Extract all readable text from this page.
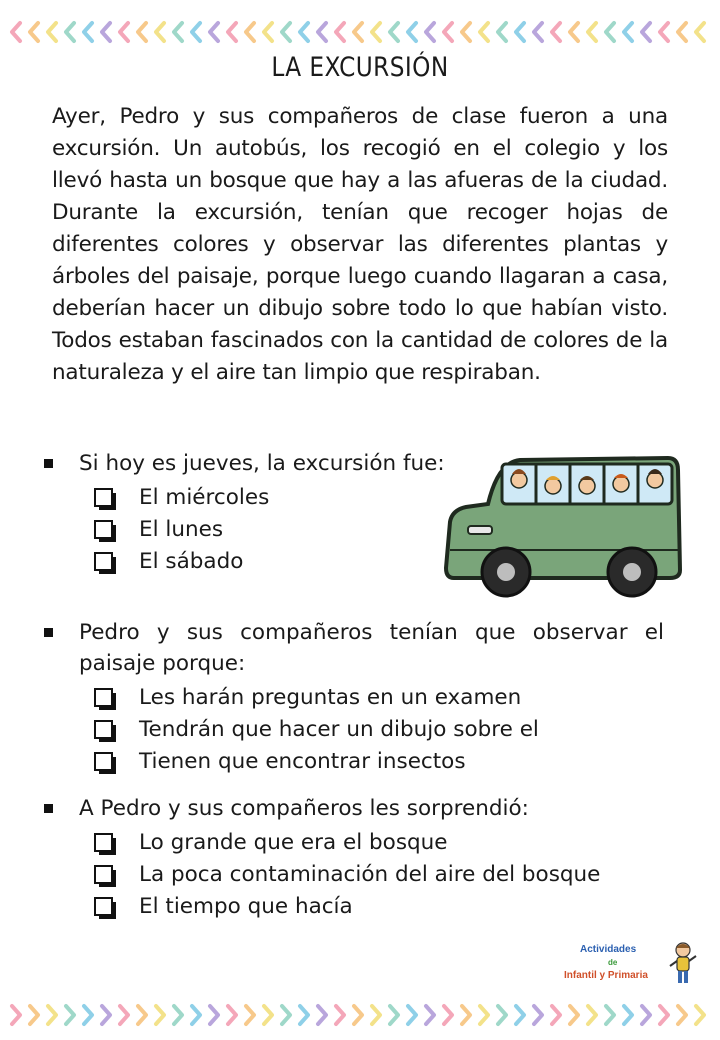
LA EXCURSIÓN

Ayer, Pedro y sus compañeros de clase fueron a una excursión. Un autobús, los recogió en el colegio y los llevó hasta un bosque que hay a las afueras de la ciudad. Durante la excursión, tenían que recoger hojas de diferentes colores y observar las diferentes plantas y árboles del paisaje, porque luego cuando llagaran a casa, deberían hacer un dibujo sobre todo lo que habían visto. Todos estaban fascinados con la cantidad de colores de la naturaleza y el aire tan limpio que respiraban.

Si hoy es jueves, la excursión fue:
El miércoles
El lunes
El sábado
Pedro y sus compañeros tenían que observar el paisaje porque:
Les harán preguntas en un examen
Tendrán que hacer un dibujo sobre el
Tienen que encontrar insectos
A Pedro y sus compañeros les sorprendió:
Lo grande que era el bosque
La poca contaminación del aire del bosque
El tiempo que hacía
Actividades
de
Infantil y Primaria
